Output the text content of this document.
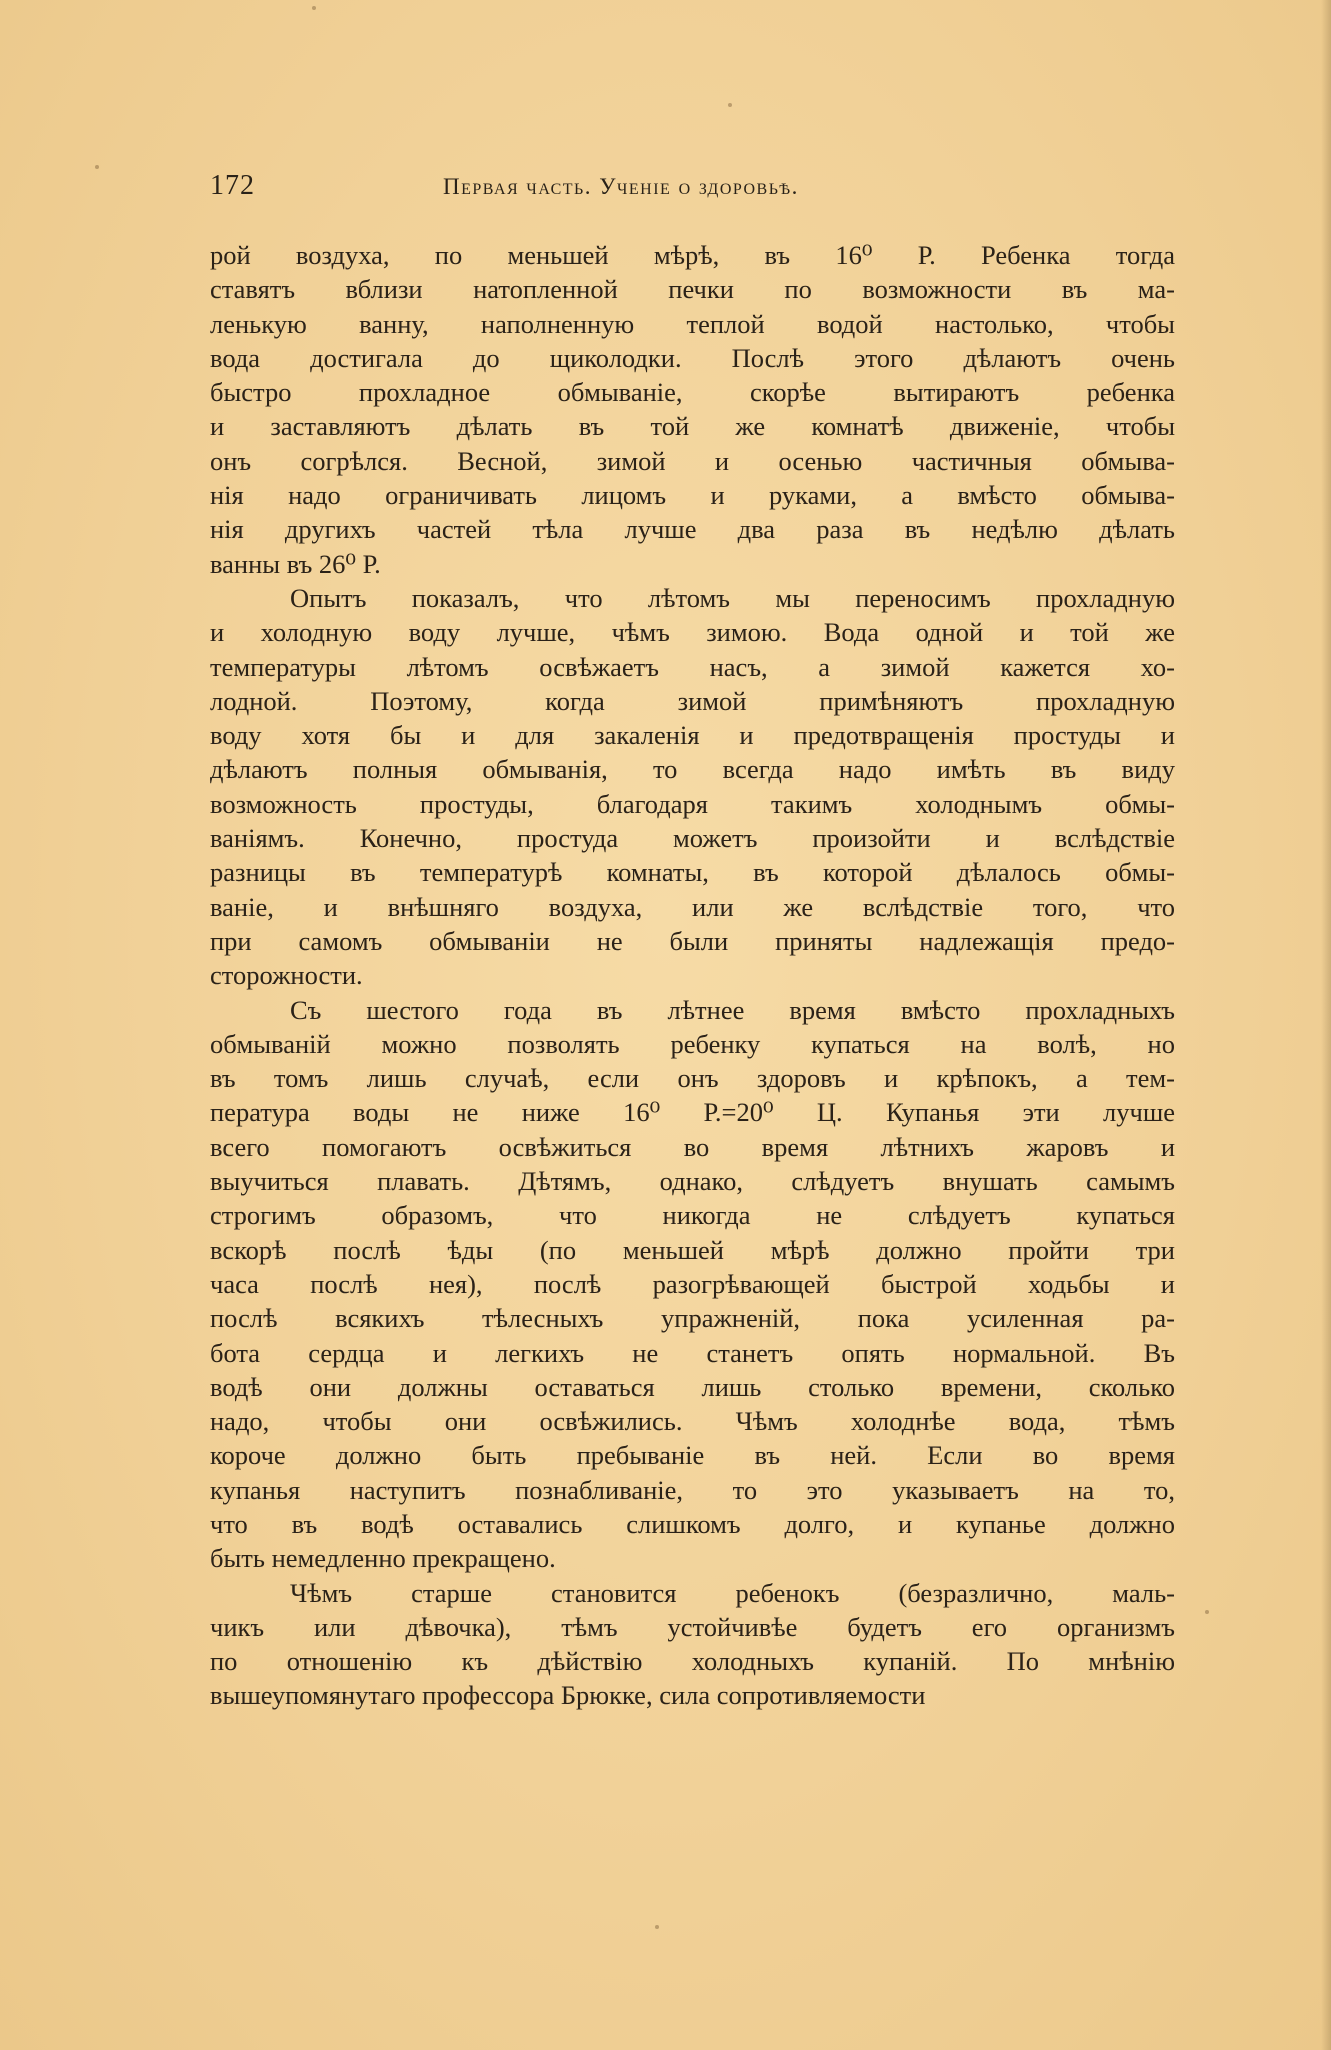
172	Первая часть. Ученіе о здоровьѣ.
рой воздуха, по меньшей мѣрѣ, въ 16⁰ Р. Ребенка тогда
ставятъ вблизи натопленной печки по возможности въ ма-
ленькую ванну, наполненную теплой водой настолько, чтобы
вода достигала до щиколодки. Послѣ этого дѣлаютъ очень
быстро прохладное обмываніе, скорѣе вытираютъ ребенка
и заставляютъ дѣлать въ той же комнатѣ движеніе, чтобы
онъ согрѣлся. Весной, зимой и осенью частичныя обмыва-
нія надо ограничивать лицомъ и руками, а вмѣсто обмыва-
нія другихъ частей тѣла лучше два раза въ недѣлю дѣлать
ванны въ 26⁰ Р.
Опытъ показалъ, что лѣтомъ мы переносимъ прохладную
и холодную воду лучше, чѣмъ зимою. Вода одной и той же
температуры лѣтомъ освѣжаетъ насъ, а зимой кажется хо-
лодной. Поэтому, когда зимой примѣняютъ прохладную
воду хотя бы и для закаленія и предотвращенія простуды и
дѣлаютъ полныя обмыванія, то всегда надо имѣть въ виду
возможность простуды, благодаря такимъ холоднымъ обмы-
ваніямъ. Конечно, простуда можетъ произойти и вслѣдствіе
разницы въ температурѣ комнаты, въ которой дѣлалось обмы-
ваніе, и внѣшняго воздуха, или же вслѣдствіе того, что
при самомъ обмываніи не были приняты надлежащія предо-
сторожности.
Съ шестого года въ лѣтнее время вмѣсто прохладныхъ
обмываній можно позволять ребенку купаться на волѣ, но
въ томъ лишь случаѣ, если онъ здоровъ и крѣпокъ, а тем-
пература воды не ниже 16⁰ Р.=20⁰ Ц. Купанья эти лучше
всего помогаютъ освѣжиться во время лѣтнихъ жаровъ и
выучиться плавать. Дѣтямъ, однако, слѣдуетъ внушать самымъ
строгимъ образомъ, что никогда не слѣдуетъ купаться
вскорѣ послѣ ѣды (по меньшей мѣрѣ должно пройти три
часа послѣ нея), послѣ разогрѣвающей быстрой ходьбы и
послѣ всякихъ тѣлесныхъ упражненій, пока усиленная ра-
бота сердца и легкихъ не станетъ опять нормальной. Въ
водѣ они должны оставаться лишь столько времени, сколько
надо, чтобы они освѣжились. Чѣмъ холоднѣе вода, тѣмъ
короче должно быть пребываніе въ ней. Если во время
купанья наступитъ познабливаніе, то это указываетъ на то,
что въ водѣ оставались слишкомъ долго, и купанье должно
быть немедленно прекращено.
Чѣмъ старше становится ребенокъ (безразлично, маль-
чикъ или дѣвочка), тѣмъ устойчивѣе будетъ его организмъ
по отношенію къ дѣйствію холодныхъ купаній. По мнѣнію
вышеупомянутаго профессора Брюкке, сила сопротивляемости
